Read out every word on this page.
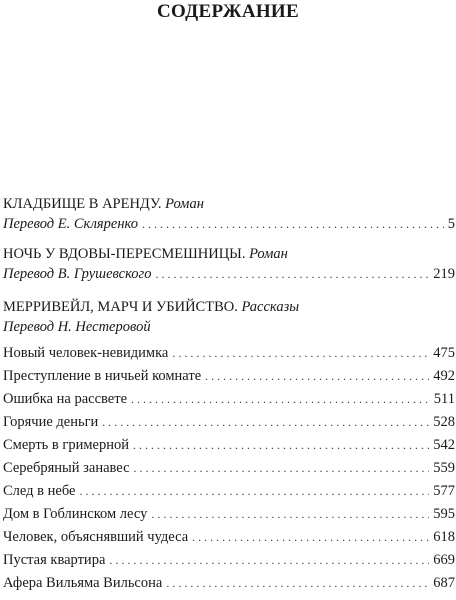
СОДЕРЖАНИЕ
КЛАДБИЩЕ В АРЕНДУ. Роман
Перевод Е. Скляренко . . .	5
НОЧЬ У ВДОВЫ-ПЕРЕСМЕШНИЦЫ. Роман
Перевод В. Грушевского . . .	219
МЕРРИВЕЙЛ, МАРЧ И УБИЙСТВО. Рассказы
Перевод Н. Нестеровой
Новый человек-невидимка . . .	475
Преступление в ничьей комнате . . .	492
Ошибка на рассвете . . .	511
Горячие деньги . . .	528
Смерть в гримерной . . .	542
Серебряный занавес . . .	559
След в небе . . .	577
Дом в Гоблинском лесу . . .	595
Человек, объяснявший чудеса . . .	618
Пустая квартира . . .	669
Афера Вильяма Вильсона . . .	687
